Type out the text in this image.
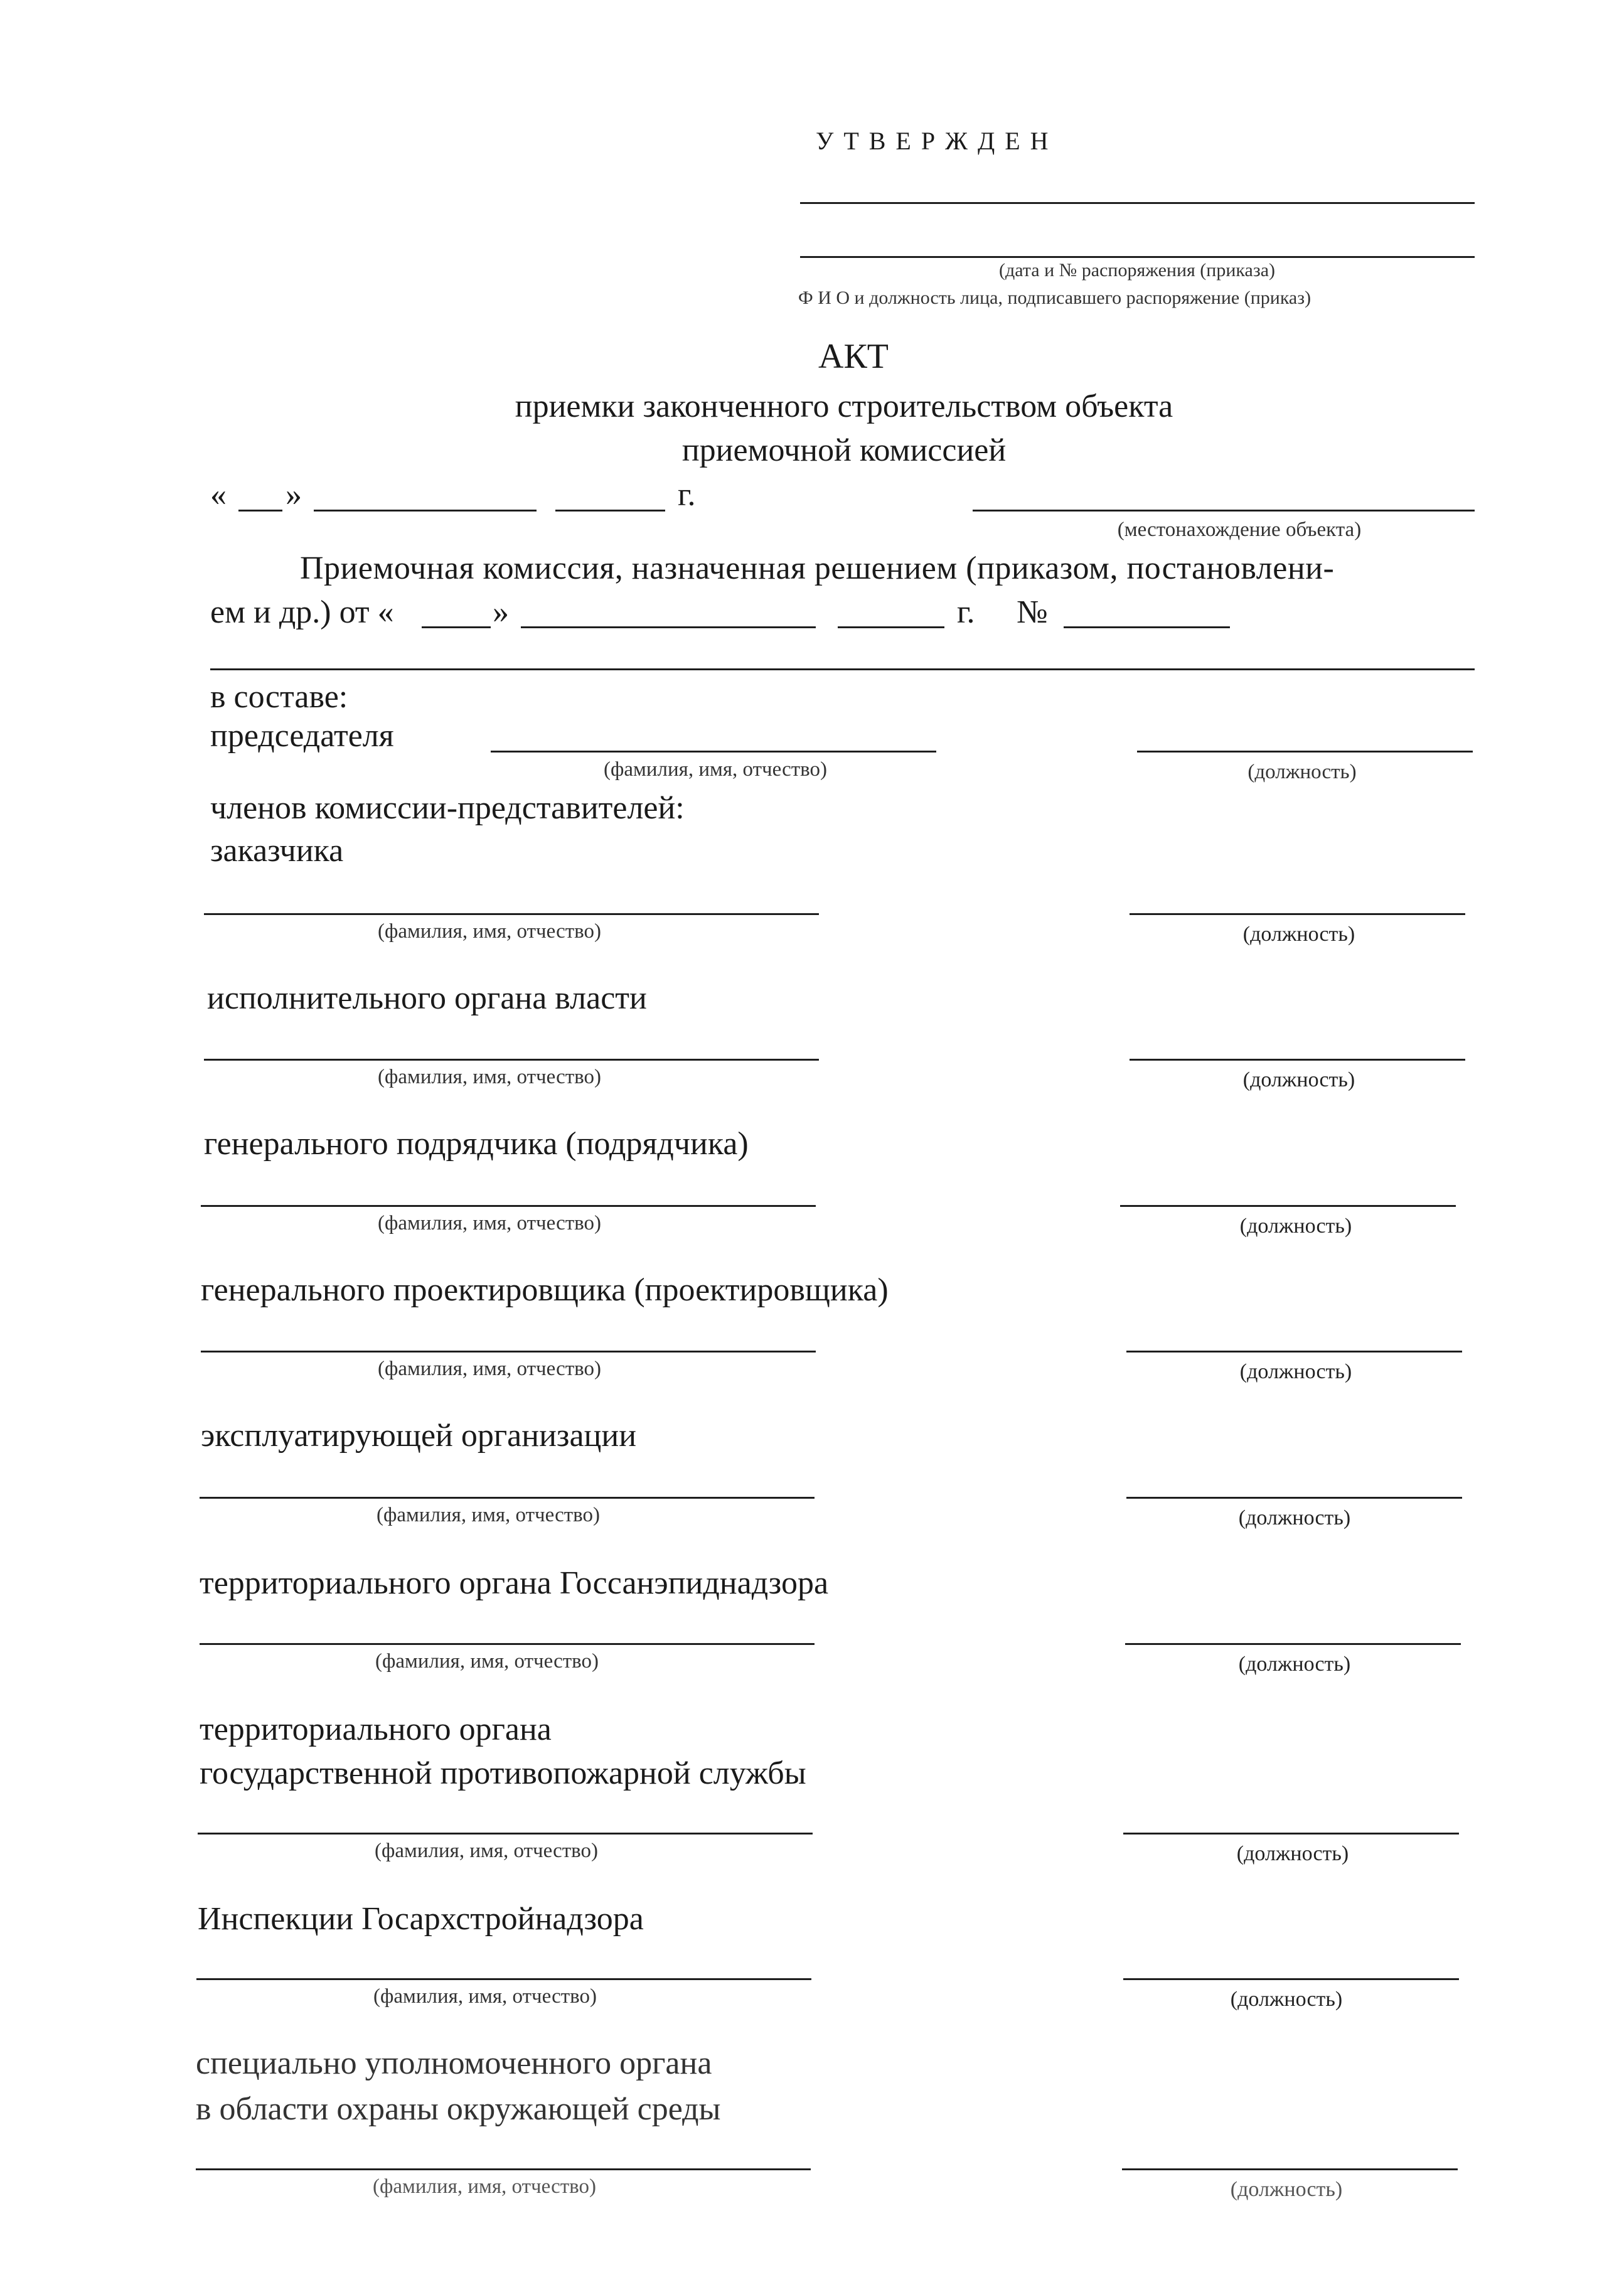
У Т В Е Р Ж Д Е Н
(дата и № распоряжения (приказа)
Ф И О и должность лица, подписавшего распоряжение (приказ)
АКТ
приемки законченного строительством объекта
приемочной комиссией
« »	г.
(местонахождение объекта)
Приемочная комиссия, назначенная решением (приказом, постановлени-
ем и др.) от «	»	г. №
в составе:
председателя
(фамилия, имя, отчество)	(должность)
членов комиссии-представителей:
заказчика
(фамилия, имя, отчество)	(должность)
исполнительного органа власти
(фамилия, имя, отчество)	(должность)
генерального подрядчика (подрядчика)
(фамилия, имя, отчество)	(должность)
генерального проектировщика (проектировщика)
(фамилия, имя, отчество)	(должность)
эксплуатирующей организации
(фамилия, имя, отчество)	(должность)
территориального органа Госсанэпиднадзора
(фамилия, имя, отчество)	(должность)
территориального органа
государственной противопожарной службы
(фамилия, имя, отчество)	(должность)
Инспекции Госархстройнадзора
(фамилия, имя, отчество)	(должность)
специально уполномоченного органа
в области охраны окружающей среды
(фамилия, имя, отчество)	(должность)
